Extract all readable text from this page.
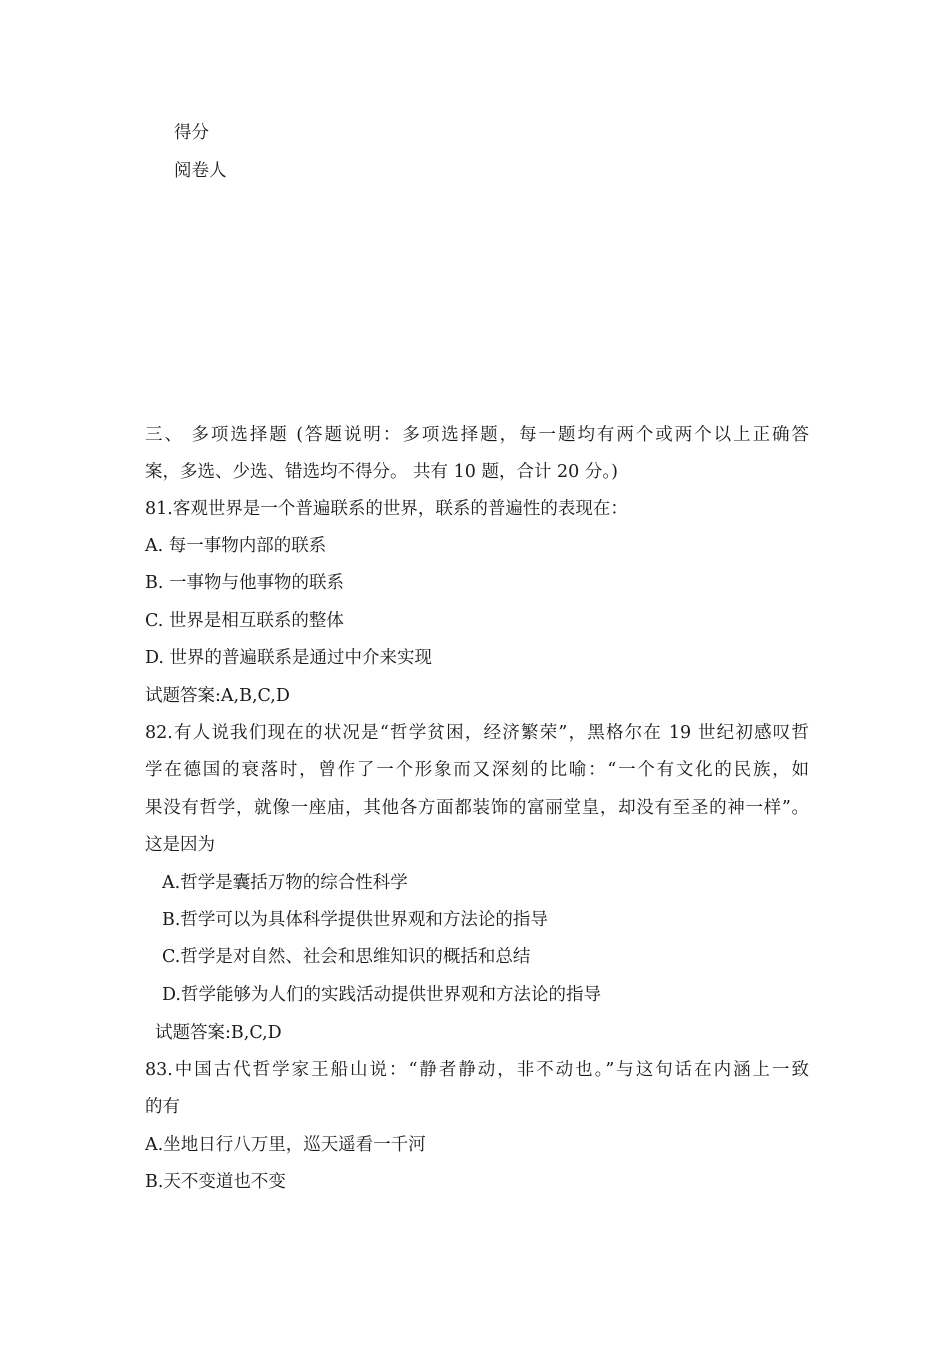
得分
阅卷人
三、 多项选择题 (答题说明：多项选择题，每一题均有两个或两个以上正确答
案，多选、少选、错选均不得分。 共有 10 题，合计 20 分。)
81.客观世界是一个普遍联系的世界，联系的普遍性的表现在：
A. 每一事物内部的联系
B. 一事物与他事物的联系
C. 世界是相互联系的整体
D. 世界的普遍联系是通过中介来实现
试题答案:A,B,C,D
82.有人说我们现在的状况是“哲学贫困，经济繁荣”，黑格尔在 19 世纪初感叹哲
学在德国的衰落时，曾作了一个形象而又深刻的比喻：“一个有文化的民族，如
果没有哲学，就像一座庙，其他各方面都装饰的富丽堂皇，却没有至圣的神一样”。
这是因为
A.哲学是囊括万物的综合性科学
B.哲学可以为具体科学提供世界观和方法论的指导
C.哲学是对自然、社会和思维知识的概括和总结
D.哲学能够为人们的实践活动提供世界观和方法论的指导
试题答案:B,C,D
83.中国古代哲学家王船山说：“静者静动，非不动也。”与这句话在内涵上一致
的有
A.坐地日行八万里，巡天遥看一千河
B.天不变道也不变
